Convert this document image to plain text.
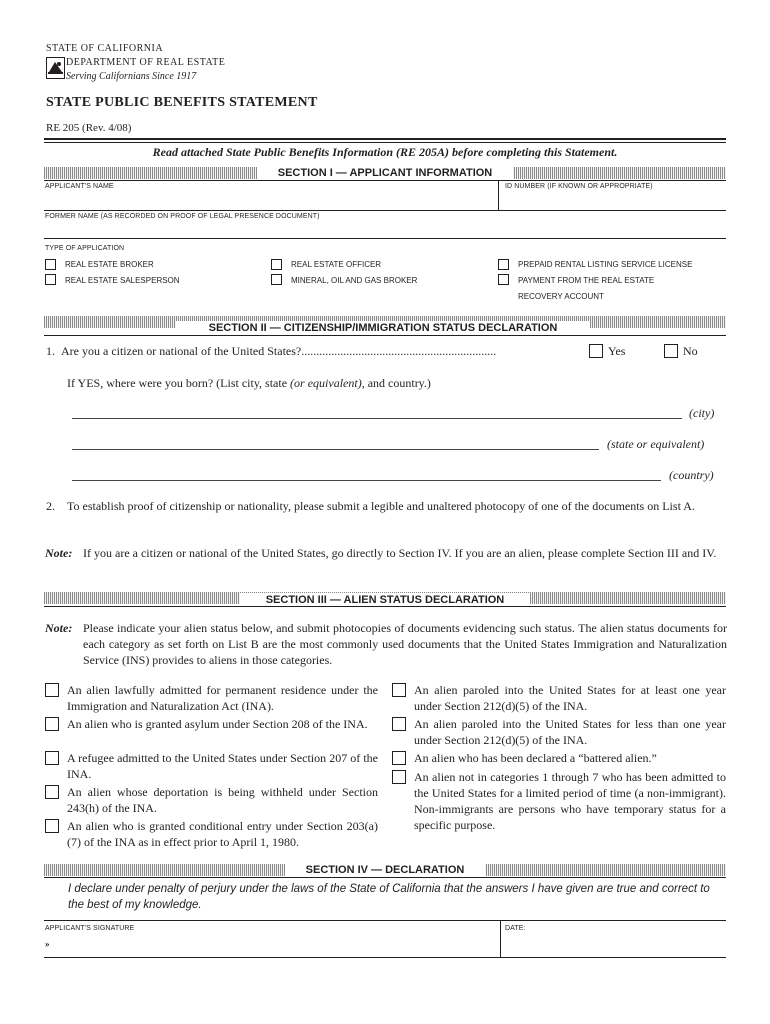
STATE OF CALIFORNIA
DRE
DEPARTMENT OF REAL ESTATE
Serving Californians Since 1917
STATE PUBLIC BENEFITS STATEMENT
RE 205 (Rev. 4/08)
Read attached State Public Benefits Information (RE 205A) before completing this Statement.
SECTION I — APPLICANT INFORMATION
APPLICANT'S NAME	ID NUMBER (IF KNOWN OR APPROPRIATE)
FORMER NAME (AS RECORDED ON PROOF OF LEGAL PRESENCE DOCUMENT)
TYPE OF APPLICATION
REAL ESTATE BROKER	REAL ESTATE OFFICER	PREPAID RENTAL LISTING SERVICE LICENSE
REAL ESTATE SALESPERSON	MINERAL, OIL AND GAS BROKER	PAYMENT FROM THE REAL ESTATE
RECOVERY ACCOUNT
SECTION II — CITIZENSHIP/IMMIGRATION STATUS DECLARATION
1.  Are you a citizen or national of the United States?.................................................................	Yes	No
If YES, where were you born? (List city, state (or equivalent), and country.)
(city)
(state or equivalent)
(country)
2. To establish proof of citizenship or nationality, please submit a legible and unaltered photocopy of one of the documents on List A.
Note: If you are a citizen or national of the United States, go directly to Section IV. If you are an alien, please complete Section III and IV.
SECTION III — ALIEN STATUS DECLARATION
Note: Please indicate your alien status below, and submit photocopies of documents evidencing such status. The alien status documents for each category as set forth on List B are the most commonly used documents that the United States Immigration and Naturalization Service (INS) provides to aliens in those categories.
An alien lawfully admitted for permanent residence under the Immigration and Naturalization Act (INA).
An alien who is granted asylum under Section 208 of the INA.
A refugee admitted to the United States under Section 207 of the INA.
An alien whose deportation is being withheld under Section 243(h) of the INA.
An alien who is granted conditional entry under Section 203(a)(7) of the INA as in effect prior to April 1, 1980.
An alien paroled into the United States for at least one year under Section 212(d)(5) of the INA.
An alien paroled into the United States for less than one year under Section 212(d)(5) of the INA.
An alien who has been declared a “battered alien.”
An alien not in categories 1 through 7 who has been admitted to the United States for a limited period of time (a non-immigrant). Non-immigrants are persons who have temporary status for a specific purpose.
SECTION IV — DECLARATION
I declare under penalty of perjury under the laws of the State of California that the answers I have given are true and correct to the best of my knowledge.
APPLICANT'S SIGNATURE
»
DATE:
